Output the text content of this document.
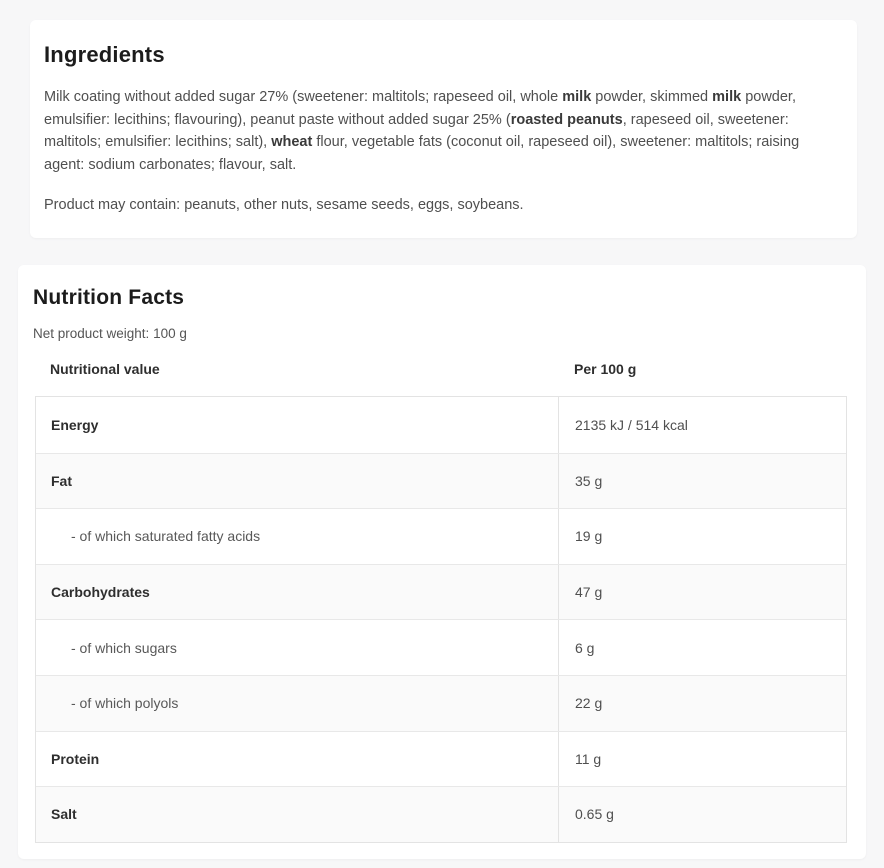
Ingredients

Milk coating without added sugar 27% (sweetener: maltitols; rapeseed oil, whole milk powder, skimmed milk powder, emulsifier: lecithins; flavouring), peanut paste without added sugar 25% (roasted peanuts, rapeseed oil, sweetener: maltitols; emulsifier: lecithins; salt), wheat flour, vegetable fats (coconut oil, rapeseed oil), sweetener: maltitols; raising agent: sodium carbonates; flavour, salt.

Product may contain: peanuts, other nuts, sesame seeds, eggs, soybeans.

Nutrition Facts

Net product weight: 100 g

Nutritional value	Per 100 g
Energy	2135 kJ / 514 kcal
Fat	35 g
- of which saturated fatty acids	19 g
Carbohydrates	47 g
- of which sugars	6 g
- of which polyols	22 g
Protein	11 g
Salt	0.65 g
